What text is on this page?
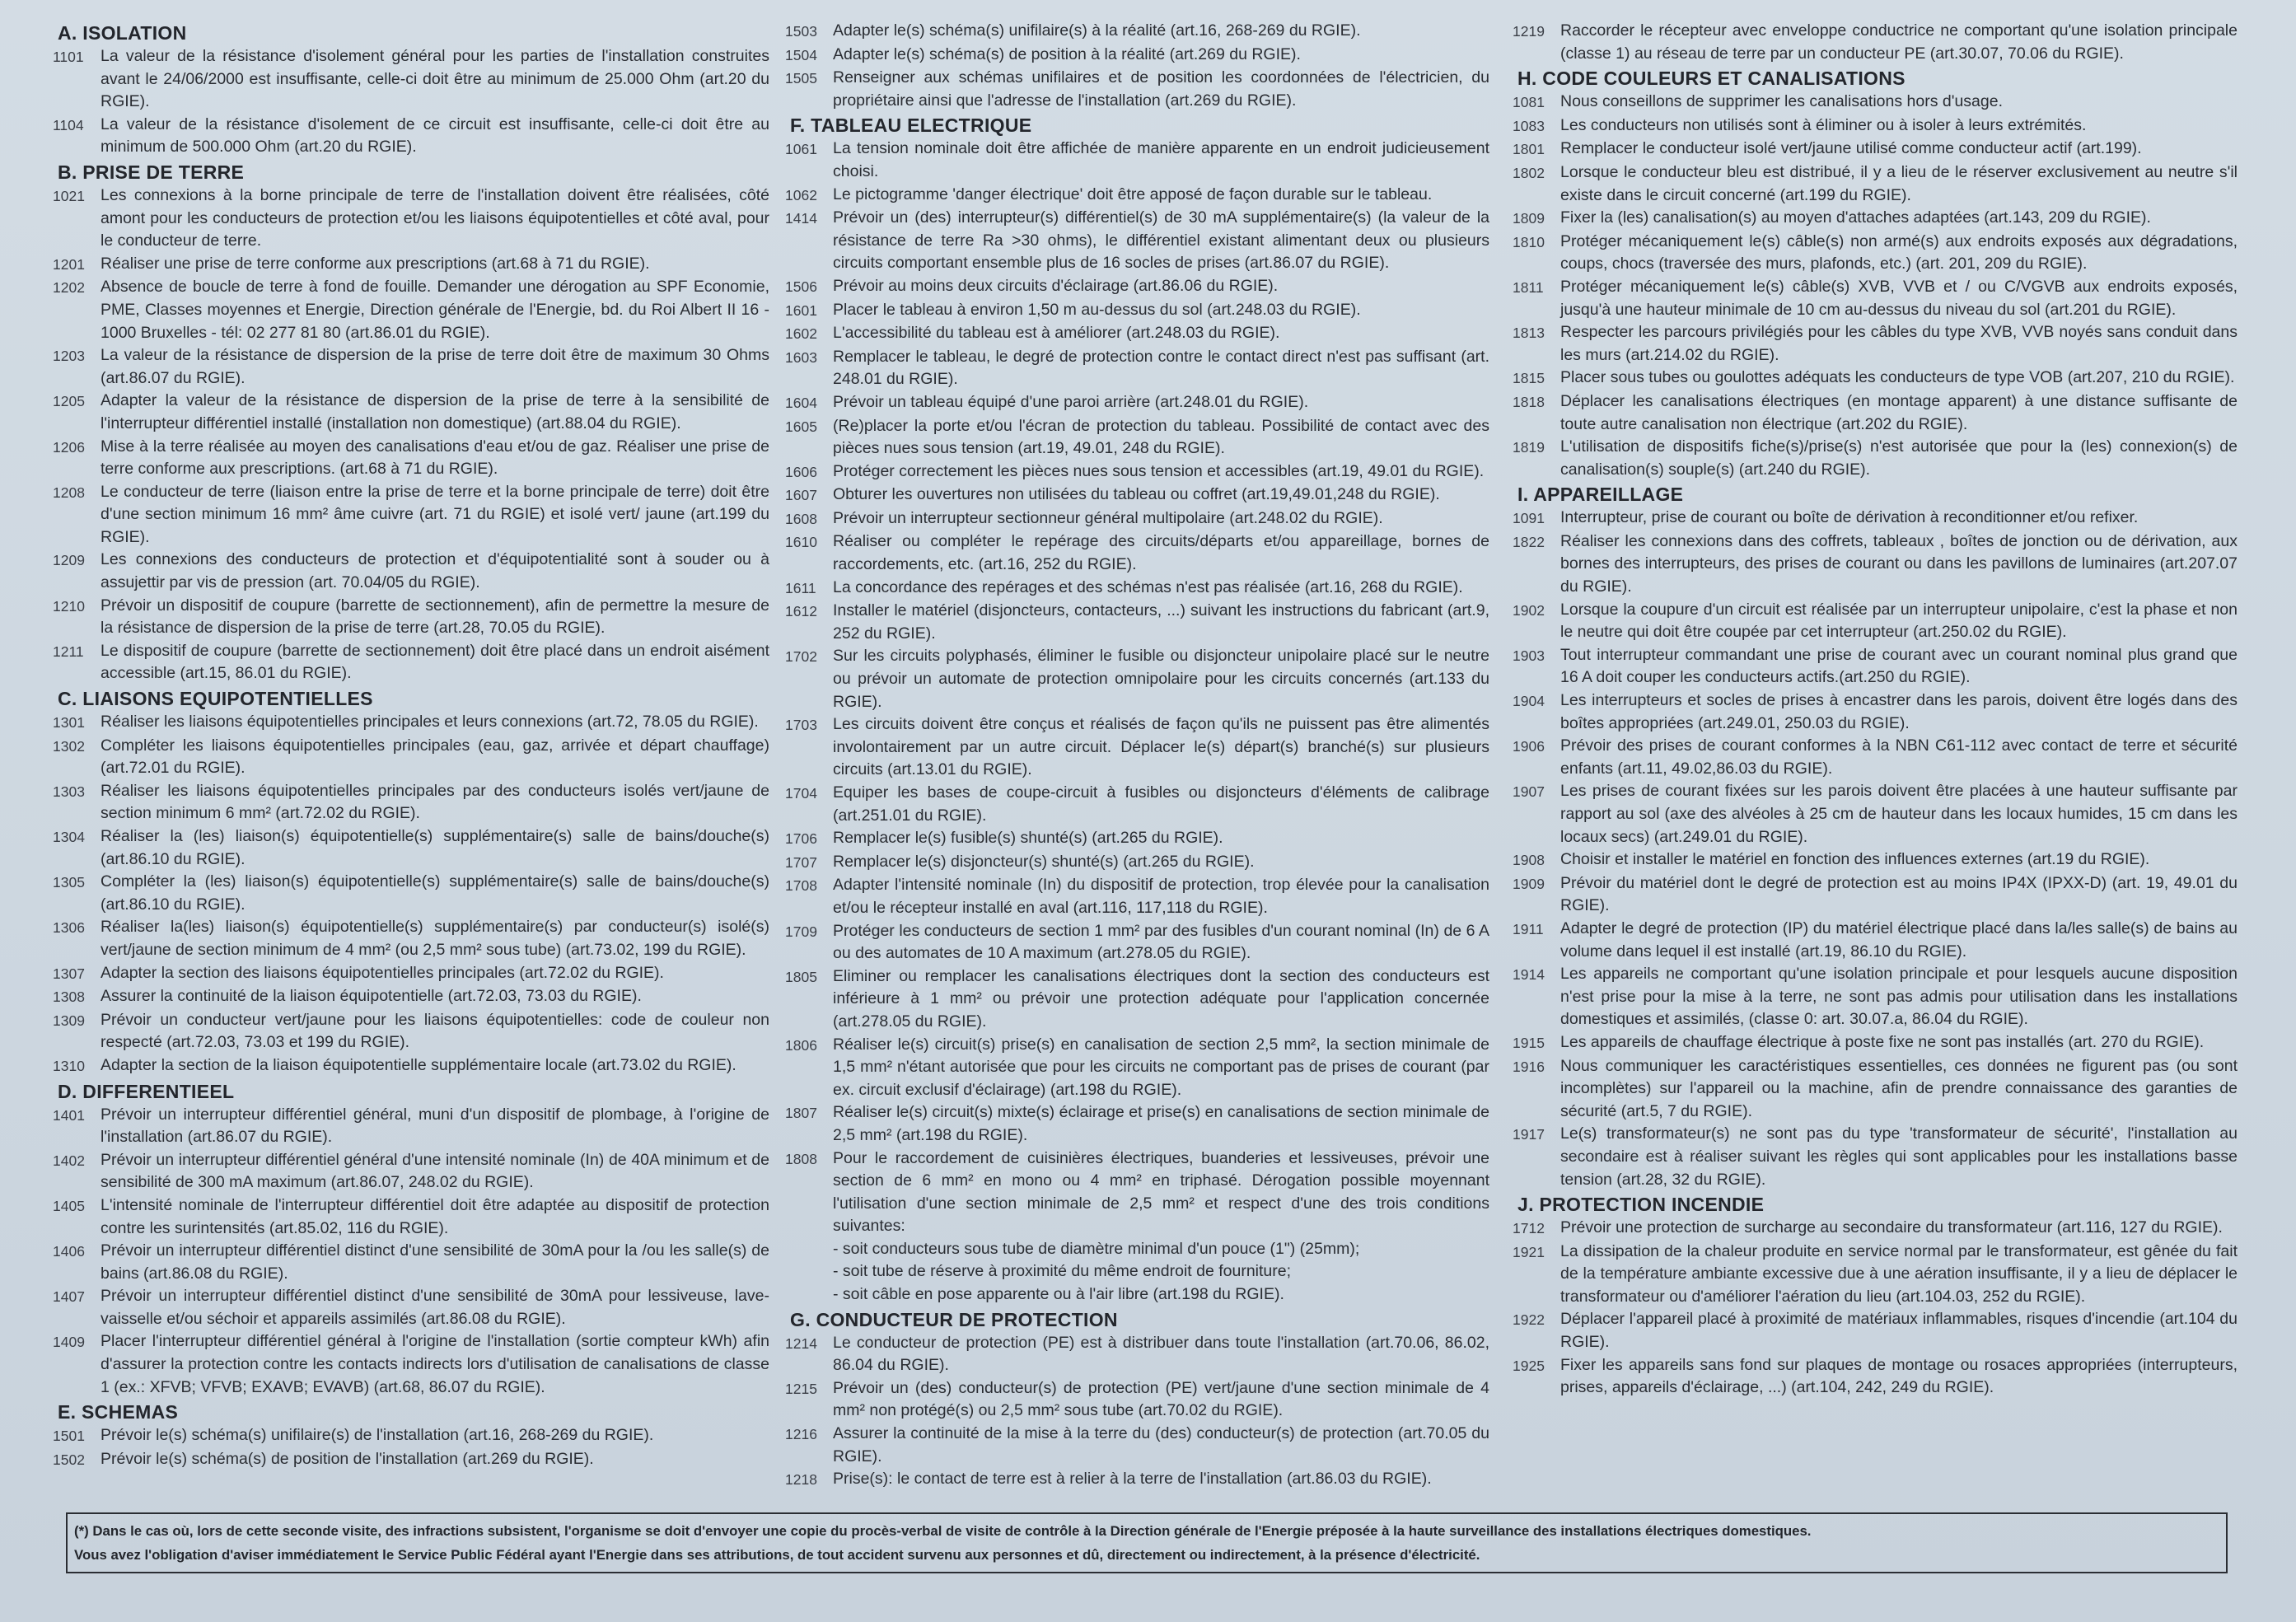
A. ISOLATION
1101	La valeur de la résistance d'isolement général pour les parties de l'installation construites avant le 24/06/2000 est insuffisante, celle-ci doit être au minimum de 25.000 Ohm (art.20 du RGIE).
1104	La valeur de la résistance d'isolement de ce circuit est insuffisante, celle-ci doit être au minimum de 500.000 Ohm (art.20 du RGIE).
B. PRISE DE TERRE
1021 Les connexions à la borne principale de terre de l'installation doivent être réalisées, côté amont pour les conducteurs de protection et/ou les liaisons équipotentielles et côté aval, pour le conducteur de terre.
1201 Réaliser une prise de terre conforme aux prescriptions (art.68 à 71 du RGIE).
1202 Absence de boucle de terre à fond de fouille. Demander une dérogation au SPF Economie, PME, Classes moyennes et Energie, Direction générale de l'Energie, bd. du Roi Albert II 16 - 1000 Bruxelles - tél: 02 277 81 80 (art.86.01 du RGIE).
1203 La valeur de la résistance de dispersion de la prise de terre doit être de maximum 30 Ohms (art.86.07 du RGIE).
1205 Adapter la valeur de la résistance de dispersion de la prise de terre à la sensibilité de l'interrupteur différentiel installé (installation non domestique) (art.88.04 du RGIE).
1206 Mise à la terre réalisée au moyen des canalisations d'eau et/ou de gaz. Réaliser une prise de terre conforme aux prescriptions. (art.68 à 71 du RGIE).
1208 Le conducteur de terre (liaison entre la prise de terre et la borne principale de terre) doit être d'une section minimum 16 mm² âme cuivre (art. 71 du RGIE) et isolé vert/ jaune (art.199 du RGIE).
1209 Les connexions des conducteurs de protection et d'équipotentialité sont à souder ou à assujettir par vis de pression (art. 70.04/05 du RGIE).
1210 Prévoir un dispositif de coupure (barrette de sectionnement), afin de permettre la mesure de la résistance de dispersion de la prise de terre (art.28, 70.05 du RGIE).
1211	Le dispositif de coupure (barrette de sectionnement) doit être placé dans un endroit aisément accessible (art.15, 86.01 du RGIE).
C. LIAISONS EQUIPOTENTIELLES
1301 Réaliser les liaisons équipotentielles principales et leurs connexions (art.72, 78.05 du RGIE).
1302 Compléter les liaisons équipotentielles principales (eau, gaz, arrivée et départ chauffage) (art.72.01 du RGIE).
1303 Réaliser les liaisons équipotentielles principales par des conducteurs isolés vert/jaune de section minimum 6 mm² (art.72.02 du RGIE).
1304 Réaliser la (les) liaison(s) équipotentielle(s) supplémentaire(s) salle de bains/douche(s) (art.86.10 du RGIE).
1305 Compléter la (les) liaison(s) équipotentielle(s) supplémentaire(s) salle de bains/douche(s) (art.86.10 du RGIE).
1306 Réaliser la(les) liaison(s) équipotentielle(s) supplémentaire(s) par conducteur(s) isolé(s) vert/jaune de section minimum de 4 mm² (ou 2,5 mm² sous tube) (art.73.02, 199 du RGIE).
1307 Adapter la section des liaisons équipotentielles principales (art.72.02 du RGIE).
1308 Assurer la continuité de la liaison équipotentielle (art.72.03, 73.03 du RGIE).
1309 Prévoir un conducteur vert/jaune pour les liaisons équipotentielles: code de couleur non respecté (art.72.03, 73.03 et 199 du RGIE).
1310 Adapter la section de la liaison équipotentielle supplémentaire locale (art.73.02 du RGIE).
D. DIFFERENTIEEL
1401 Prévoir un interrupteur différentiel général, muni d'un dispositif de plombage, à l'origine de l'installation (art.86.07 du RGIE).
1402 Prévoir un interrupteur différentiel général d'une intensité nominale (In) de 40A minimum et de sensibilité de 300 mA maximum (art.86.07, 248.02 du RGIE).
1405 L'intensité nominale de l'interrupteur différentiel doit être adaptée au dispositif de protection contre les surintensités (art.85.02, 116 du RGIE).
1406 Prévoir un interrupteur différentiel distinct d'une sensibilité de 30mA pour la /ou les salle(s) de bains (art.86.08 du RGIE).
1407 Prévoir un interrupteur différentiel distinct d'une sensibilité de 30mA pour lessiveuse, lave-vaisselle et/ou séchoir et appareils assimilés (art.86.08 du RGIE).
1409 Placer l'interrupteur différentiel général à l'origine de l'installation (sortie compteur kWh) afin d'assurer la protection contre les contacts indirects lors d'utilisation de canalisations de classe 1 (ex.: XFVB; VFVB; EXAVB; EVAVB) (art.68, 86.07 du RGIE).
E. SCHEMAS
1501 Prévoir le(s) schéma(s) unifilaire(s) de l'installation (art.16, 268-269 du RGIE).
1502 Prévoir le(s) schéma(s) de position de l'installation (art.269 du RGIE).
1503 Adapter le(s) schéma(s) unifilaire(s) à la réalité (art.16, 268-269 du RGIE).
1504 Adapter le(s) schéma(s) de position à la réalité (art.269 du RGIE).
1505 Renseigner aux schémas unifilaires et de position les coordonnées de l'électricien, du propriétaire ainsi que l'adresse de l'installation (art.269 du RGIE).
F. TABLEAU ELECTRIQUE
1061 La tension nominale doit être affichée de manière apparente en un endroit judicieusement choisi.
1062 Le pictogramme 'danger électrique' doit être apposé de façon durable sur le tableau.
1414 Prévoir un (des) interrupteur(s) différentiel(s) de 30 mA supplémentaire(s) (la valeur de la résistance de terre Ra >30 ohms), le différentiel existant alimentant deux ou plusieurs circuits comportant ensemble plus de 16 socles de prises (art.86.07 du RGIE).
1506 Prévoir au moins deux circuits d'éclairage (art.86.06 du RGIE).
1601 Placer le tableau à environ 1,50 m au-dessus du sol (art.248.03 du RGIE).
1602 L'accessibilité du tableau est à améliorer (art.248.03 du RGIE).
1603 Remplacer le tableau, le degré de protection contre le contact direct n'est pas suffisant (art. 248.01 du RGIE).
1604 Prévoir un tableau équipé d'une paroi arrière (art.248.01 du RGIE).
1605 (Re)placer la porte et/ou l'écran de protection du tableau. Possibilité de contact avec des pièces nues sous tension (art.19, 49.01, 248 du RGIE).
1606 Protéger correctement les pièces nues sous tension et accessibles (art.19, 49.01 du RGIE).
1607 Obturer les ouvertures non utilisées du tableau ou coffret (art.19,49.01,248 du RGIE).
1608 Prévoir un interrupteur sectionneur général multipolaire (art.248.02 du RGIE).
1610 Réaliser ou compléter le repérage des circuits/départs et/ou appareillage, bornes de raccordements, etc. (art.16, 252 du RGIE).
1611	La concordance des repérages et des schémas n'est pas réalisée (art.16, 268 du RGIE).
1612 Installer le matériel (disjoncteurs, contacteurs, ...) suivant les instructions du fabricant (art.9, 252 du RGIE).
1702 Sur les circuits polyphasés, éliminer le fusible ou disjoncteur unipolaire placé sur le neutre ou prévoir un automate de protection omnipolaire pour les circuits concernés (art.133 du RGIE).
1703 Les circuits doivent être conçus et réalisés de façon qu'ils ne puissent pas être alimentés involontairement par un autre circuit. Déplacer le(s) départ(s) branché(s) sur plusieurs circuits (art.13.01 du RGIE).
1704 Equiper les bases de coupe-circuit à fusibles ou disjoncteurs d'éléments de calibrage (art.251.01 du RGIE).
1706 Remplacer le(s) fusible(s) shunté(s) (art.265 du RGIE).
1707 Remplacer le(s) disjoncteur(s) shunté(s) (art.265 du RGIE).
1708 Adapter l'intensité nominale (In) du dispositif de protection, trop élevée pour la canalisation et/ou le récepteur installé en aval (art.116, 117,118 du RGIE).
1709 Protéger les conducteurs de section 1 mm² par des fusibles d'un courant nominal (In) de 6 A ou des automates de 10 A maximum (art.278.05 du RGIE).
1805 Eliminer ou remplacer les canalisations électriques dont la section des conducteurs est inférieure à 1 mm² ou prévoir une protection adéquate pour l'application concernée (art.278.05 du RGIE).
1806 Réaliser le(s) circuit(s) prise(s) en canalisation de section 2,5 mm², la section minimale de 1,5 mm² n'étant autorisée que pour les circuits ne comportant pas de prises de courant (par ex. circuit exclusif d'éclairage) (art.198 du RGIE).
1807 Réaliser le(s) circuit(s) mixte(s) éclairage et prise(s) en canalisations de section minimale de 2,5 mm² (art.198 du RGIE).
1808 Pour le raccordement de cuisinières électriques, buanderies et lessiveuses, prévoir une section de 6 mm² en mono ou 4 mm² en triphasé. Dérogation possible moyennant l'utilisation d'une section minimale de 2,5 mm² et respect d'une des trois conditions suivantes:
- soit conducteurs sous tube de diamètre minimal d'un pouce (1") (25mm);
- soit tube de réserve à proximité du même endroit de fourniture;
- soit câble en pose apparente ou à l'air libre (art.198 du RGIE).
G. CONDUCTEUR DE PROTECTION
1214 Le conducteur de protection (PE) est à distribuer dans toute l'installation (art.70.06, 86.02, 86.04 du RGIE).
1215 Prévoir un (des) conducteur(s) de protection (PE) vert/jaune d'une section minimale de 4 mm² non protégé(s) ou 2,5 mm² sous tube (art.70.02 du RGIE).
1216 Assurer la continuité de la mise à la terre du (des) conducteur(s) de protection (art.70.05 du RGIE).
1218 Prise(s): le contact de terre est à relier à la terre de l'installation (art.86.03 du RGIE).
1219 Raccorder le récepteur avec enveloppe conductrice ne comportant qu'une isolation principale (classe 1) au réseau de terre par un conducteur PE (art.30.07, 70.06 du RGIE).
H. CODE COULEURS ET CANALISATIONS
1081 Nous conseillons de supprimer les canalisations hors d'usage.
1083 Les conducteurs non utilisés sont à éliminer ou à isoler à leurs extrémités.
1801 Remplacer le conducteur isolé vert/jaune utilisé comme conducteur actif (art.199).
1802 Lorsque le conducteur bleu est distribué, il y a lieu de le réserver exclusivement au neutre s'il existe dans le circuit concerné (art.199 du RGIE).
1809 Fixer la (les) canalisation(s) au moyen d'attaches adaptées (art.143, 209 du RGIE).
1810 Protéger mécaniquement le(s) câble(s) non armé(s) aux endroits exposés aux dégradations, coups, chocs (traversée des murs, plafonds, etc.) (art. 201, 209 du RGIE).
1811	Protéger mécaniquement le(s) câble(s) XVB, VVB et / ou C/VGVB aux endroits exposés, jusqu'à une hauteur minimale de 10 cm au-dessus du niveau du sol (art.201 du RGIE).
1813 Respecter les parcours privilégiés pour les câbles du type XVB, VVB noyés sans conduit dans les murs (art.214.02 du RGIE).
1815 Placer sous tubes ou goulottes adéquats les conducteurs de type VOB (art.207, 210 du RGIE).
1818 Déplacer les canalisations électriques (en montage apparent) à une distance suffisante de toute autre canalisation non électrique (art.202 du RGIE).
1819 L'utilisation de dispositifs fiche(s)/prise(s) n'est autorisée que pour la (les) connexion(s) de canalisation(s) souple(s) (art.240 du RGIE).
I. APPAREILLAGE
1091 Interrupteur, prise de courant ou boîte de dérivation à reconditionner et/ou refixer.
1822 Réaliser les connexions dans des coffrets, tableaux , boîtes de jonction ou de dérivation, aux bornes des interrupteurs, des prises de courant ou dans les pavillons de luminaires (art.207.07 du RGIE).
1902 Lorsque la coupure d'un circuit est réalisée par un interrupteur unipolaire, c'est la phase et non le neutre qui doit être coupée par cet interrupteur (art.250.02 du RGIE).
1903 Tout interrupteur commandant une prise de courant avec un courant nominal plus grand que 16 A doit couper les conducteurs actifs.(art.250 du RGIE).
1904 Les interrupteurs et socles de prises à encastrer dans les parois, doivent être logés dans des boîtes appropriées (art.249.01, 250.03 du RGIE).
1906 Prévoir des prises de courant conformes à la NBN C61-112 avec contact de terre et sécurité enfants (art.11, 49.02,86.03 du RGIE).
1907 Les prises de courant fixées sur les parois doivent être placées à une hauteur suffisante par rapport au sol (axe des alvéoles à 25 cm de hauteur dans les locaux humides, 15 cm dans les locaux secs) (art.249.01 du RGIE).
1908 Choisir et installer le matériel en fonction des influences externes (art.19 du RGIE).
1909 Prévoir du matériel dont le degré de protection est au moins IP4X (IPXX-D) (art. 19, 49.01 du RGIE).
1911	Adapter le degré de protection (IP) du matériel électrique placé dans la/les salle(s) de bains au volume dans lequel il est installé (art.19, 86.10 du RGIE).
1914 Les appareils ne comportant qu'une isolation principale et pour lesquels aucune disposition n'est prise pour la mise à la terre, ne sont pas admis pour utilisation dans les installations domestiques et assimilés, (classe 0: art. 30.07.a, 86.04 du RGIE).
1915 Les appareils de chauffage électrique à poste fixe ne sont pas installés (art. 270 du RGIE).
1916 Nous communiquer les caractéristiques essentielles, ces données ne figurent pas (ou sont incomplètes) sur l'appareil ou la machine, afin de prendre connaissance des garanties de sécurité (art.5, 7 du RGIE).
1917 Le(s) transformateur(s) ne sont pas du type 'transformateur de sécurité', l'installation au secondaire est à réaliser suivant les règles qui sont applicables pour les installations basse tension (art.28, 32 du RGIE).
J. PROTECTION INCENDIE
1712 Prévoir une protection de surcharge au secondaire du transformateur (art.116, 127 du RGIE).
1921 La dissipation de la chaleur produite en service normal par le transformateur, est gênée du fait de la température ambiante excessive due à une aération insuffisante, il y a lieu de déplacer le transformateur ou d'améliorer l'aération du lieu (art.104.03, 252 du RGIE).
1922 Déplacer l'appareil placé à proximité de matériaux inflammables, risques d'incendie (art.104 du RGIE).
1925 Fixer les appareils sans fond sur plaques de montage ou rosaces appropriées (interrupteurs, prises, appareils d'éclairage, ...) (art.104, 242, 249 du RGIE).
(*) Dans le cas où, lors de cette seconde visite, des infractions subsistent, l'organisme se doit d'envoyer une copie du procès-verbal de visite de contrôle à la Direction générale de l'Energie préposée à la haute surveillance des installations électriques domestiques.
Vous avez l'obligation d'aviser immédiatement le Service Public Fédéral ayant l'Energie dans ses attributions, de tout accident survenu aux personnes et dû, directement ou indirectement, à la présence d'électricité.
